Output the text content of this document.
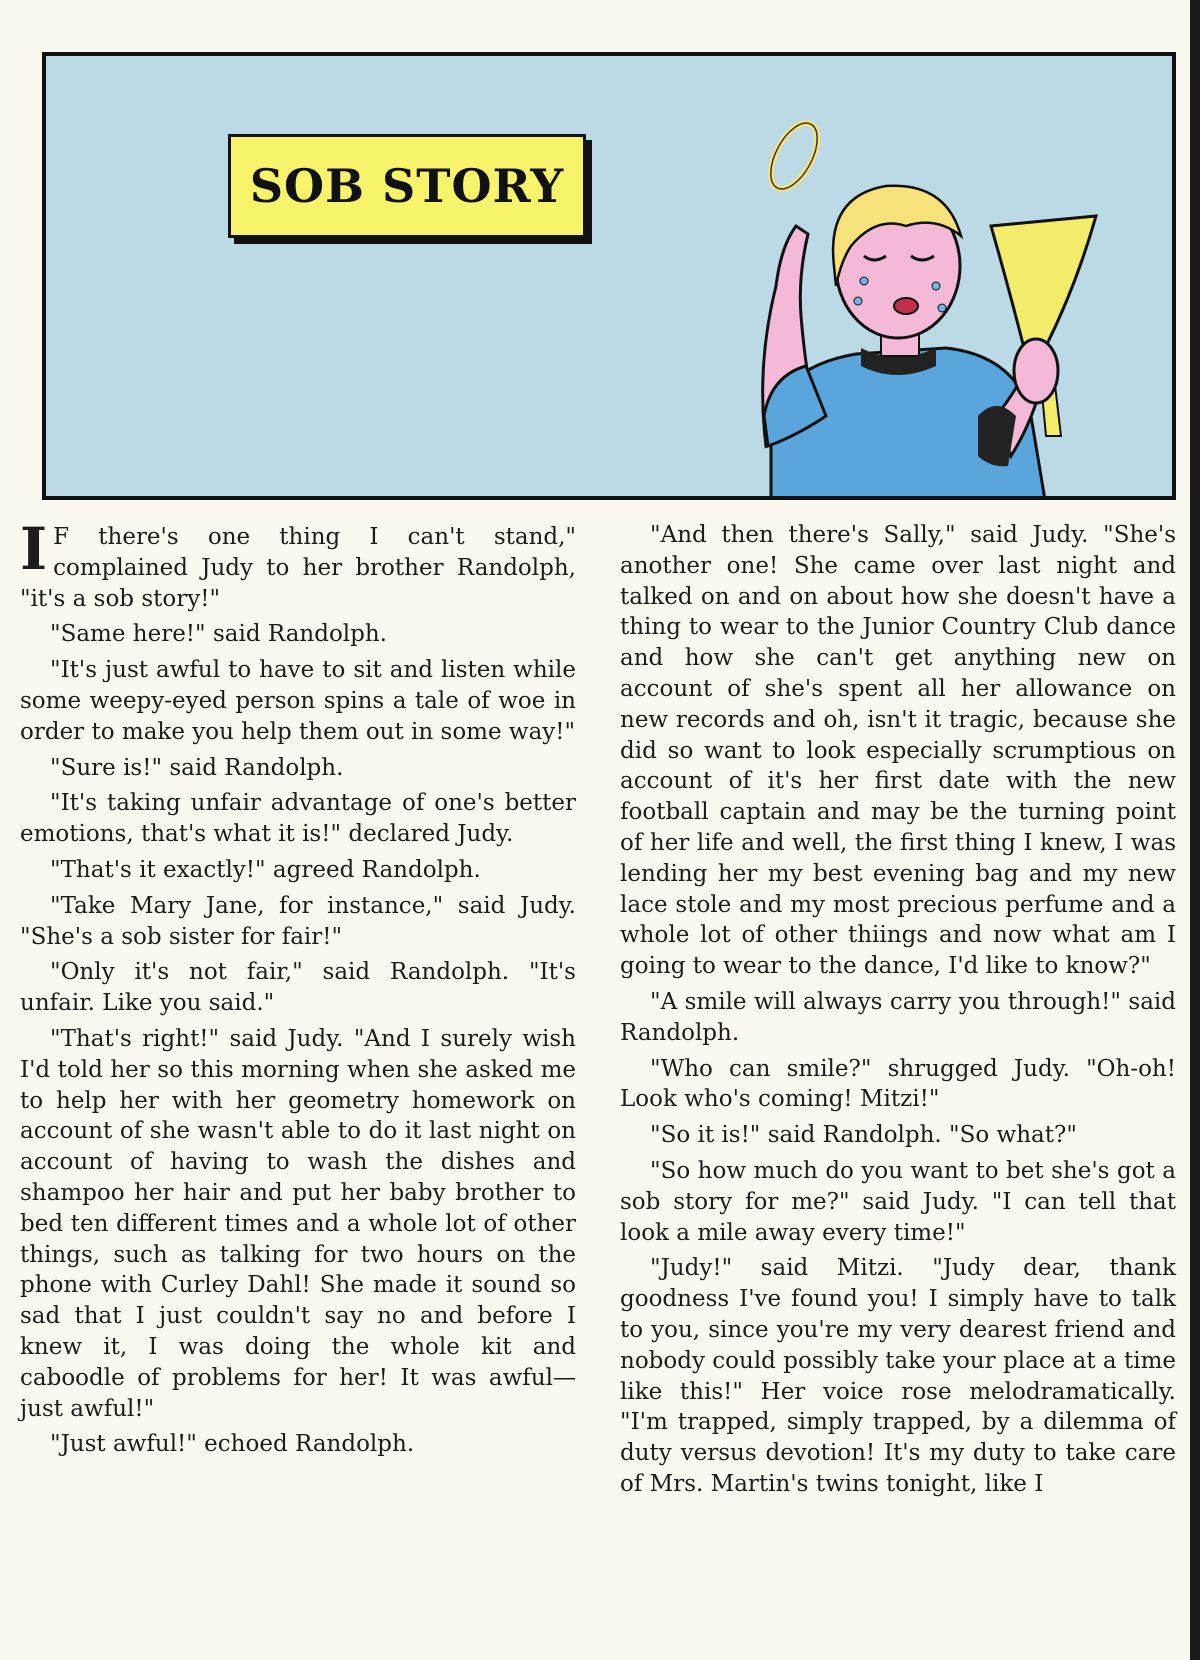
SOB STORY

I F there's one thing I can't stand," complained Judy to her brother Randolph, "it's a sob story!"

"Same here!" said Randolph.

"It's just awful to have to sit and listen while some weepy-eyed person spins a tale of woe in order to make you help them out in some way!"

"Sure is!" said Randolph.

"It's taking unfair advantage of one's better emotions, that's what it is!" declared Judy.

"That's it exactly!" agreed Randolph.

"Take Mary Jane, for instance," said Judy. "She's a sob sister for fair!"

"Only it's not fair," said Randolph. "It's unfair. Like you said."

"That's right!" said Judy. "And I surely wish I'd told her so this morning when she asked me to help her with her geometry homework on account of she wasn't able to do it last night on account of having to wash the dishes and shampoo her hair and put her baby brother to bed ten different times and a whole lot of other things, such as talking for two hours on the phone with Curley Dahl! She made it sound so sad that I just couldn't say no and before I knew it, I was doing the whole kit and caboodle of problems for her! It was awful—just awful!"

"Just awful!" echoed Randolph.

"And then there's Sally," said Judy. "She's another one! She came over last night and talked on and on about how she doesn't have a thing to wear to the Junior Country Club dance and how she can't get anything new on account of she's spent all her allowance on new records and oh, isn't it tragic, because she did so want to look especially scrumptious on account of it's her first date with the new football captain and may be the turning point of her life and well, the first thing I knew, I was lending her my best evening bag and my new lace stole and my most precious perfume and a whole lot of other thiings and now what am I going to wear to the dance, I'd like to know?"

"A smile will always carry you through!" said Randolph.

"Who can smile?" shrugged Judy. "Oh-oh! Look who's coming! Mitzi!"

"So it is!" said Randolph. "So what?"

"So how much do you want to bet she's got a sob story for me?" said Judy. "I can tell that look a mile away every time!"

"Judy!" said Mitzi. "Judy dear, thank goodness I've found you! I simply have to talk to you, since you're my very dearest friend and nobody could possibly take your place at a time like this!" Her voice rose melodramatically. "I'm trapped, simply trapped, by a dilemma of duty versus devotion! It's my duty to take care of Mrs. Martin's twins tonight, like I
